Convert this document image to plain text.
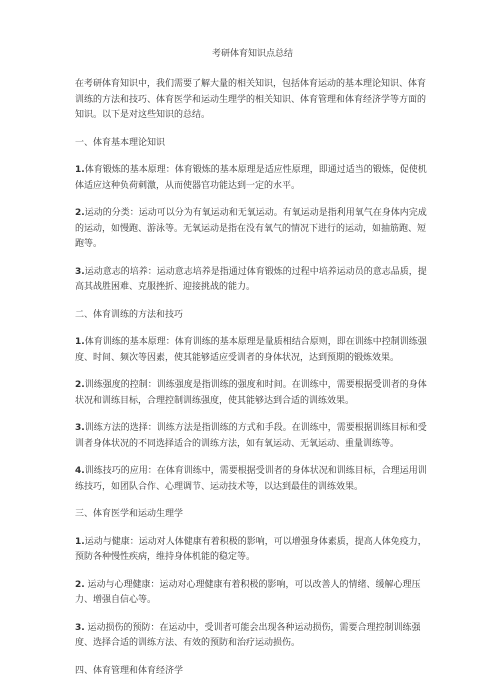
考研体育知识点总结
在考研体育知识中，我们需要了解大量的相关知识，包括体育运动的基本理论知识、体育训练的方法和技巧、体育医学和运动生理学的相关知识、体育管理和体育经济学等方面的知识。以下是对这些知识的总结。
一、体育基本理论知识
1.体育锻炼的基本原理：体育锻炼的基本原理是适应性原理，即通过适当的锻炼，促使机体适应这种负荷刺激，从而使器官功能达到一定的水平。
2.运动的分类：运动可以分为有氧运动和无氧运动。有氧运动是指利用氧气在身体内完成的运动，如慢跑、游泳等。无氧运动是指在没有氧气的情况下进行的运动，如抽筋跑、短跑等。
3.运动意志的培养：运动意志培养是指通过体育锻炼的过程中培养运动员的意志品质，提高其战胜困难、克服挫折、迎接挑战的能力。
二、体育训练的方法和技巧
1.体育训练的基本原理：体育训练的基本原理是量质相结合原则，即在训练中控制训练强度、时间、频次等因素，使其能够适应受训者的身体状况，达到预期的锻炼效果。
2.训练强度的控制：训练强度是指训练的强度和时间。在训练中，需要根据受训者的身体状况和训练目标，合理控制训练强度，使其能够达到合适的训练效果。
3.训练方法的选择：训练方法是指训练的方式和手段。在训练中，需要根据训练目标和受训者身体状况的不同选择适合的训练方法，如有氧运动、无氧运动、重量训练等。
4.训练技巧的应用：在体育训练中，需要根据受训者的身体状况和训练目标，合理运用训练技巧，如团队合作、心理调节、运动技术等，以达到最佳的训练效果。
三、体育医学和运动生理学
1.运动与健康：运动对人体健康有着积极的影响，可以增强身体素质，提高人体免疫力，预防各种慢性疾病，维持身体机能的稳定等。
2. 运动与心理健康：运动对心理健康有着积极的影响，可以改善人的情绪、缓解心理压力、增强自信心等。
3. 运动损伤的预防：在运动中，受训者可能会出现各种运动损伤，需要合理控制训练强度、选择合适的训练方法、有效的预防和治疗运动损伤。
四、体育管理和体育经济学
